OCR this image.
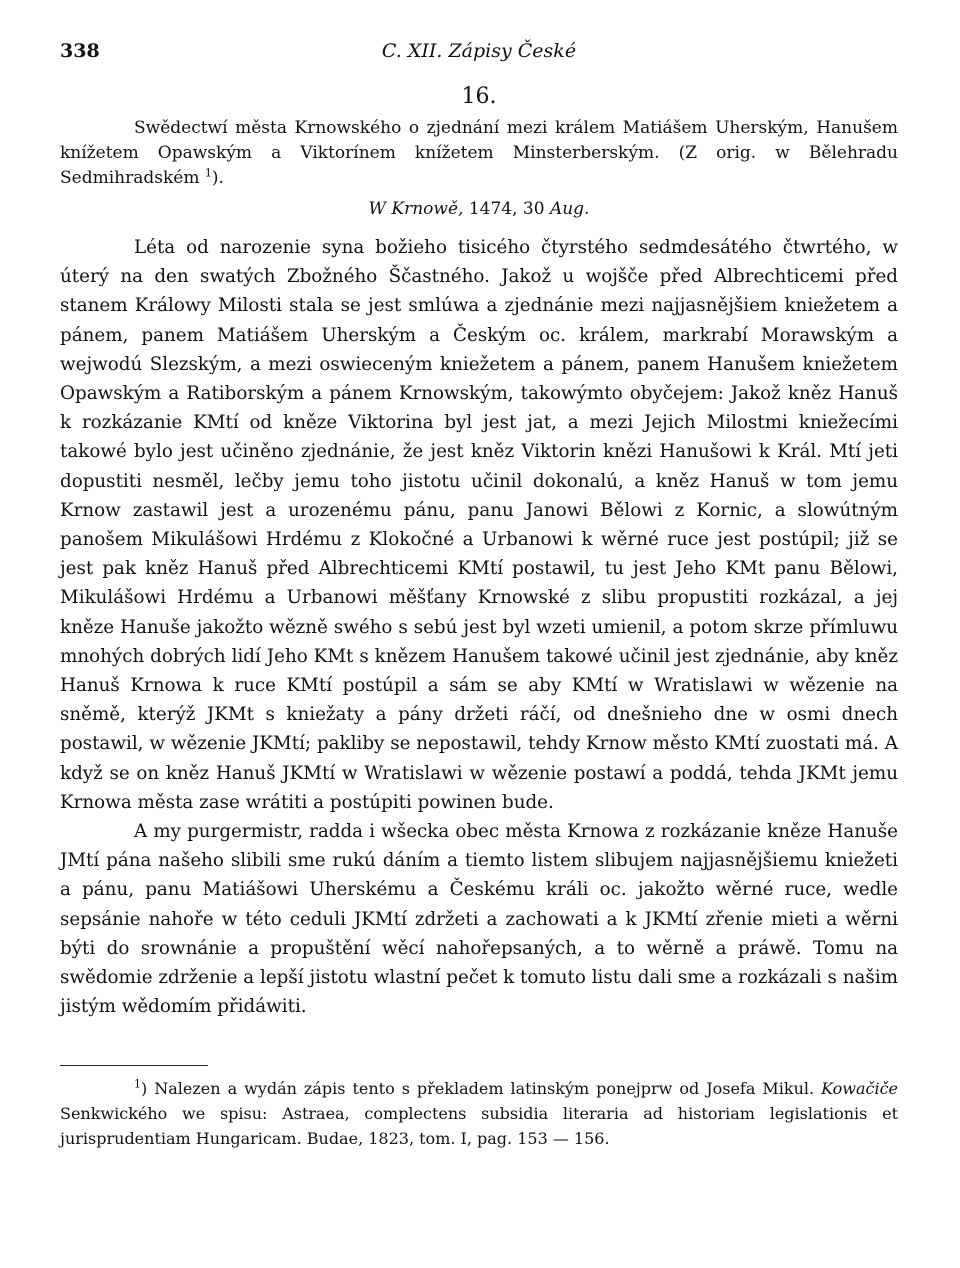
338	C. XII. Zápisy České
16.

Swědectwí města Krnowského o zjednání mezi králem Matiášem Uherským, Hanušem knížetem Opawským a Viktorínem knížetem Minsterberským. (Z orig. w Bělehradu Sedmihradském $^1$).

W Krnowě, 1474, 30 Aug.

Léta od narozenie syna božieho tisicého čtyrstého sedmdesátého čtwrtého, w úterý na den swatých Zbožného Ščastného. Jakož u wojšče před Albrechticemi před stanem Králowy Milosti stala se jest smlúwa a zjednánie mezi najjasnějšiem kniežetem a pánem, panem Matiášem Uherským a Českým oc. králem, markrabí Morawským a wejwodú Slezským, a mezi oswieceným kniežetem a pánem, panem Hanušem kniežetem Opawským a Ratiborským a pánem Krnowským, takowýmto obyčejem: Jakož kněz Hanuš k rozkázanie KMtí od kněze Viktorina byl jest jat, a mezi Jejich Milostmi kniežecími takowé bylo jest učiněno zjednánie, že jest kněz Viktorin knězi Hanušowi k Král. Mtí jeti dopustiti nesměl, lečby jemu toho jistotu učinil dokonalú, a kněz Hanuš w tom jemu Krnow zastawil jest a urozenému pánu, panu Janowi Bělowi z Kornic, a slowútným panošem Mikulášowi Hrdému z Klokočné a Urbanowi k wěrné ruce jest postúpil; již se jest pak kněz Hanuš před Albrechticemi KMtí postawil, tu jest Jeho KMt panu Bělowi, Mikulášowi Hrdému a Urbanowi měšťany Krnowské z slibu propustiti rozkázal, a jej kněze Hanuše jakožto wězně swého s sebú jest byl wzeti umienil, a potom skrze přímluwu mnohých dobrých lidí Jeho KMt s knězem Hanušem takowé učinil jest zjednánie, aby kněz Hanuš Krnowa k ruce KMtí postúpil a sám se aby KMtí w Wratislawi w wězenie na sněmě, kterýž JKMt s kniežaty a pány držeti ráčí, od dnešnieho dne w osmi dnech postawil, w wězenie JKMtí; pakliby se nepostawil, tehdy Krnow město KMtí zuostati má. A když se on kněz Hanuš JKMtí w Wratislawi w wězenie postawí a poddá, tehda JKMt jemu Krnowa města zase wrátiti a postúpiti powinen bude.

A my purgermistr, radda i wšecka obec města Krnowa z rozkázanie kněze Hanuše JMtí pána našeho slibili sme rukú dáním a tiemto listem slibujem najjasnějšiemu kniežeti a pánu, panu Matiášowi Uherskému a Českému králi oc. jakožto wěrné ruce, wedle sepsánie nahoře w této ceduli JKMtí zdržeti a zachowati a k JKMtí zřenie mieti a wěrni býti do srownánie a propuštění wěcí nahořepsaných, a to wěrně a práwě. Tomu na swědomie zdrženie a lepší jistotu wlastní pečet k tomuto listu dali sme a rozkázali s našim jistým wědomím přidáwiti.

$^1$) Nalezen a wydán zápis tento s překladem latinským ponejprw od Josefa Mikul. Kowačiče Senkwického we spisu: Astraea, complectens subsidia literaria ad historiam legislationis et jurisprudentiam Hungaricam. Budae, 1823, tom. I, pag. 153 — 156.
